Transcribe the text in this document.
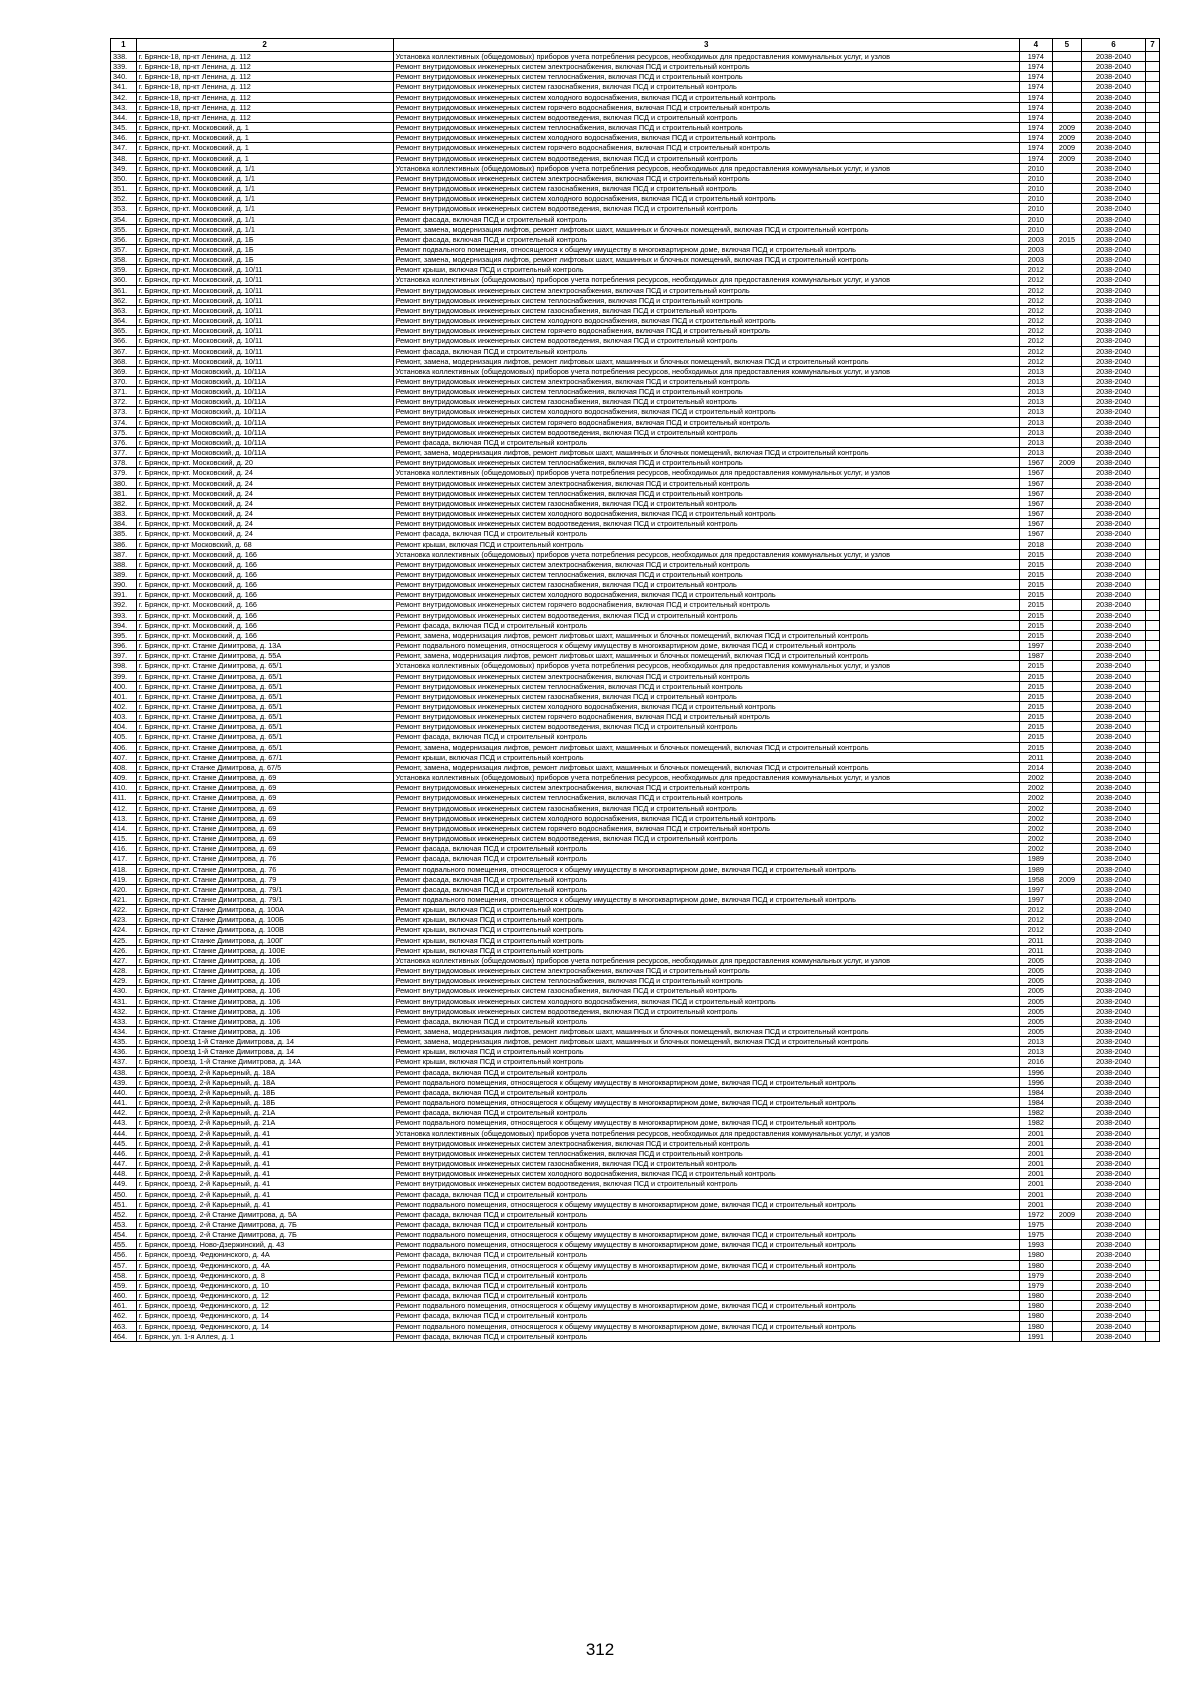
1	2	3	4	5	6	7
338.	г. Брянск-18, пр-кт Ленина, д. 112	Установка коллективных (общедомовых) приборов учета потребления ресурсов, необходимых для предоставления коммунальных услуг, и узлов	1974		2038-2040	
339.	г. Брянск-18, пр-кт Ленина, д. 112	Ремонт внутридомовых инженерных систем электроснабжения, включая ПСД и строительный контроль	1974		2038-2040	
340.	г. Брянск-18, пр-кт Ленина, д. 112	Ремонт внутридомовых инженерных систем теплоснабжения, включая ПСД и строительный контроль	1974		2038-2040	
341.	г. Брянск-18, пр-кт Ленина, д. 112	Ремонт внутридомовых инженерных систем газоснабжения, включая ПСД и строительный контроль	1974		2038-2040	
342.	г. Брянск-18, пр-кт Ленина, д. 112	Ремонт внутридомовых инженерных систем холодного водоснабжения, включая ПСД и строительный контроль	1974		2038-2040	
343.	г. Брянск-18, пр-кт Ленина, д. 112	Ремонт внутридомовых инженерных систем горячего водоснабжения, включая ПСД и строительный контроль	1974		2038-2040	
344.	г. Брянск-18, пр-кт Ленина, д. 112	Ремонт внутридомовых инженерных систем водоотведения, включая ПСД и строительный контроль	1974		2038-2040	
345.	г. Брянск, пр-кт. Московский, д. 1	Ремонт внутридомовых инженерных систем теплоснабжения, включая ПСД и строительный контроль	1974	2009	2038-2040	
346.	г. Брянск, пр-кт. Московский, д. 1	Ремонт внутридомовых инженерных систем холодного водоснабжения, включая ПСД и строительный контроль	1974	2009	2038-2040	
347.	г. Брянск, пр-кт. Московский, д. 1	Ремонт внутридомовых инженерных систем горячего водоснабжения, включая ПСД и строительный контроль	1974	2009	2038-2040	
348.	г. Брянск, пр-кт. Московский, д. 1	Ремонт внутридомовых инженерных систем водоотведения, включая ПСД и строительный контроль	1974	2009	2038-2040	
349.	г. Брянск, пр-кт. Московский, д. 1/1	Установка коллективных (общедомовых) приборов учета потребления ресурсов, необходимых для предоставления коммунальных услуг, и узлов	2010		2038-2040	
350.	г. Брянск, пр-кт. Московский, д. 1/1	Ремонт внутридомовых инженерных систем электроснабжения, включая ПСД и строительный контроль	2010		2038-2040	
351.	г. Брянск, пр-кт. Московский, д. 1/1	Ремонт внутридомовых инженерных систем газоснабжения, включая ПСД и строительный контроль	2010		2038-2040	
352.	г. Брянск, пр-кт. Московский, д. 1/1	Ремонт внутридомовых инженерных систем холодного водоснабжения, включая ПСД и строительный контроль	2010		2038-2040	
353.	г. Брянск, пр-кт. Московский, д. 1/1	Ремонт внутридомовых инженерных систем водоотведения, включая ПСД и строительный контроль	2010		2038-2040	
354.	г. Брянск, пр-кт. Московский, д. 1/1	Ремонт фасада, включая ПСД и строительный контроль	2010		2038-2040	
355.	г. Брянск, пр-кт. Московский, д. 1/1	Ремонт, замена, модернизация лифтов, ремонт лифтовых шахт, машинных и блочных помещений, включая ПСД и строительный контроль	2010		2038-2040	
356.	г. Брянск, пр-кт. Московский, д. 1Б	Ремонт фасада, включая ПСД и строительный контроль	2003	2015	2038-2040	
357.	г. Брянск, пр-кт. Московский, д. 1Б	Ремонт подвального помещения, относящегося к общему имуществу в многоквартирном доме, включая ПСД и строительный контроль	2003		2038-2040	
358.	г. Брянск, пр-кт. Московский, д. 1Б	Ремонт, замена, модернизация лифтов, ремонт лифтовых шахт, машинных и блочных помещений, включая ПСД и строительный контроль	2003		2038-2040	
359.	г. Брянск, пр-кт. Московский, д. 10/11	Ремонт крыши, включая ПСД и строительный контроль	2012		2038-2040	
360.	г. Брянск, пр-кт. Московский, д. 10/11	Установка коллективных (общедомовых) приборов учета потребления ресурсов, необходимых для предоставления коммунальных услуг, и узлов	2012		2038-2040	
361.	г. Брянск, пр-кт. Московский, д. 10/11	Ремонт внутридомовых инженерных систем электроснабжения, включая ПСД и строительный контроль	2012		2038-2040	
362.	г. Брянск, пр-кт. Московский, д. 10/11	Ремонт внутридомовых инженерных систем теплоснабжения, включая ПСД и строительный контроль	2012		2038-2040	
363.	г. Брянск, пр-кт. Московский, д. 10/11	Ремонт внутридомовых инженерных систем газоснабжения, включая ПСД и строительный контроль	2012		2038-2040	
364.	г. Брянск, пр-кт. Московский, д. 10/11	Ремонт внутридомовых инженерных систем холодного водоснабжения, включая ПСД и строительный контроль	2012		2038-2040	
365.	г. Брянск, пр-кт. Московский, д. 10/11	Ремонт внутридомовых инженерных систем горячего водоснабжения, включая ПСД и строительный контроль	2012		2038-2040	
366.	г. Брянск, пр-кт. Московский, д. 10/11	Ремонт внутридомовых инженерных систем водоотведения, включая ПСД и строительный контроль	2012		2038-2040	
367.	г. Брянск, пр-кт. Московский, д. 10/11	Ремонт фасада, включая ПСД и строительный контроль	2012		2038-2040	
368.	г. Брянск, пр-кт. Московский, д. 10/11	Ремонт, замена, модернизация лифтов, ремонт лифтовых шахт, машинных и блочных помещений, включая ПСД и строительный контроль	2012		2038-2040	
369.	г. Брянск, пр-кт Московский, д. 10/11А	Установка коллективных (общедомовых) приборов учета потребления ресурсов, необходимых для предоставления коммунальных услуг, и узлов	2013		2038-2040	
370.	г. Брянск, пр-кт Московский, д. 10/11А	Ремонт внутридомовых инженерных систем электроснабжения, включая ПСД и строительный контроль	2013		2038-2040	
371.	г. Брянск, пр-кт Московский, д. 10/11А	Ремонт внутридомовых инженерных систем теплоснабжения, включая ПСД и строительный контроль	2013		2038-2040	
372.	г. Брянск, пр-кт Московский, д. 10/11А	Ремонт внутридомовых инженерных систем газоснабжения, включая ПСД и строительный контроль	2013		2038-2040	
373.	г. Брянск, пр-кт Московский, д. 10/11А	Ремонт внутридомовых инженерных систем холодного водоснабжения, включая ПСД и строительный контроль	2013		2038-2040	
374.	г. Брянск, пр-кт Московский, д. 10/11А	Ремонт внутридомовых инженерных систем горячего водоснабжения, включая ПСД и строительный контроль	2013		2038-2040	
375.	г. Брянск, пр-кт Московский, д. 10/11А	Ремонт внутридомовых инженерных систем водоотведения, включая ПСД и строительный контроль	2013		2038-2040	
376.	г. Брянск, пр-кт Московский, д. 10/11А	Ремонт фасада, включая ПСД и строительный контроль	2013		2038-2040	
377.	г. Брянск, пр-кт Московский, д. 10/11А	Ремонт, замена, модернизация лифтов, ремонт лифтовых шахт, машинных и блочных помещений, включая ПСД и строительный контроль	2013		2038-2040	
378.	г. Брянск, пр-кт. Московский, д. 20	Ремонт внутридомовых инженерных систем теплоснабжения, включая ПСД и строительный контроль	1967	2009	2038-2040	
379.	г. Брянск, пр-кт. Московский, д. 24	Установка коллективных (общедомовых) приборов учета потребления ресурсов, необходимых для предоставления коммунальных услуг, и узлов	1967		2038-2040	
380.	г. Брянск, пр-кт. Московский, д. 24	Ремонт внутридомовых инженерных систем электроснабжения, включая ПСД и строительный контроль	1967		2038-2040	
381.	г. Брянск, пр-кт. Московский, д. 24	Ремонт внутридомовых инженерных систем теплоснабжения, включая ПСД и строительный контроль	1967		2038-2040	
382.	г. Брянск, пр-кт. Московский, д. 24	Ремонт внутридомовых инженерных систем газоснабжения, включая ПСД и строительный контроль	1967		2038-2040	
383.	г. Брянск, пр-кт. Московский, д. 24	Ремонт внутридомовых инженерных систем холодного водоснабжения, включая ПСД и строительный контроль	1967		2038-2040	
384.	г. Брянск, пр-кт. Московский, д. 24	Ремонт внутридомовых инженерных систем водоотведения, включая ПСД и строительный контроль	1967		2038-2040	
385.	г. Брянск, пр-кт. Московский, д. 24	Ремонт фасада, включая ПСД и строительный контроль	1967		2038-2040	
386.	г. Брянск, пр-кт Московский, д. 68	Ремонт крыши, включая ПСД и строительный контроль	2018		2038-2040	
387.	г. Брянск, пр-кт. Московский, д. 166	Установка коллективных (общедомовых) приборов учета потребления ресурсов, необходимых для предоставления коммунальных услуг, и узлов	2015		2038-2040	
388.	г. Брянск, пр-кт. Московский, д. 166	Ремонт внутридомовых инженерных систем электроснабжения, включая ПСД и строительный контроль	2015		2038-2040	
389.	г. Брянск, пр-кт. Московский, д. 166	Ремонт внутридомовых инженерных систем теплоснабжения, включая ПСД и строительный контроль	2015		2038-2040	
390.	г. Брянск, пр-кт. Московский, д. 166	Ремонт внутридомовых инженерных систем газоснабжения, включая ПСД и строительный контроль	2015		2038-2040	
391.	г. Брянск, пр-кт. Московский, д. 166	Ремонт внутридомовых инженерных систем холодного водоснабжения, включая ПСД и строительный контроль	2015		2038-2040	
392.	г. Брянск, пр-кт. Московский, д. 166	Ремонт внутридомовых инженерных систем горячего водоснабжения, включая ПСД и строительный контроль	2015		2038-2040	
393.	г. Брянск, пр-кт. Московский, д. 166	Ремонт внутридомовых инженерных систем водоотведения, включая ПСД и строительный контроль	2015		2038-2040	
394.	г. Брянск, пр-кт. Московский, д. 166	Ремонт фасада, включая ПСД и строительный контроль	2015		2038-2040	
395.	г. Брянск, пр-кт. Московский, д. 166	Ремонт, замена, модернизация лифтов, ремонт лифтовых шахт, машинных и блочных помещений, включая ПСД и строительный контроль	2015		2038-2040	
396.	г. Брянск, пр-кт. Станке Димитрова, д. 13А	Ремонт подвального помещения, относящегося к общему имуществу в многоквартирном доме, включая ПСД и строительный контроль	1997		2038-2040	
397.	г. Брянск, пр-кт. Станке Димитрова, д. 55А	Ремонт, замена, модернизация лифтов, ремонт лифтовых шахт, машинных и блочных помещений, включая ПСД и строительный контроль	1987		2038-2040	
398.	г. Брянск, пр-кт. Станке Димитрова, д. 65/1	Установка коллективных (общедомовых) приборов учета потребления ресурсов, необходимых для предоставления коммунальных услуг, и узлов	2015		2038-2040	
399.	г. Брянск, пр-кт. Станке Димитрова, д. 65/1	Ремонт внутридомовых инженерных систем электроснабжения, включая ПСД и строительный контроль	2015		2038-2040	
400.	г. Брянск, пр-кт. Станке Димитрова, д. 65/1	Ремонт внутридомовых инженерных систем теплоснабжения, включая ПСД и строительный контроль	2015		2038-2040	
401.	г. Брянск, пр-кт. Станке Димитрова, д. 65/1	Ремонт внутридомовых инженерных систем газоснабжения, включая ПСД и строительный контроль	2015		2038-2040	
402.	г. Брянск, пр-кт. Станке Димитрова, д. 65/1	Ремонт внутридомовых инженерных систем холодного водоснабжения, включая ПСД и строительный контроль	2015		2038-2040	
403.	г. Брянск, пр-кт. Станке Димитрова, д. 65/1	Ремонт внутридомовых инженерных систем горячего водоснабжения, включая ПСД и строительный контроль	2015		2038-2040	
404.	г. Брянск, пр-кт. Станке Димитрова, д. 65/1	Ремонт внутридомовых инженерных систем водоотведения, включая ПСД и строительный контроль	2015		2038-2040	
405.	г. Брянск, пр-кт. Станке Димитрова, д. 65/1	Ремонт фасада, включая ПСД и строительный контроль	2015		2038-2040	
406.	г. Брянск, пр-кт. Станке Димитрова, д. 65/1	Ремонт, замена, модернизация лифтов, ремонт лифтовых шахт, машинных и блочных помещений, включая ПСД и строительный контроль	2015		2038-2040	
407.	г. Брянск, пр-кт. Станке Димитрова, д. 67/1	Ремонт крыши, включая ПСД и строительный контроль	2011		2038-2040	
408.	г. Брянск, пр-кт Станке Димитрова, д. 67/5	Ремонт, замена, модернизация лифтов, ремонт лифтовых шахт, машинных и блочных помещений, включая ПСД и строительный контроль	2014		2038-2040	
409.	г. Брянск, пр-кт. Станке Димитрова, д. 69	Установка коллективных (общедомовых) приборов учета потребления ресурсов, необходимых для предоставления коммунальных услуг, и узлов	2002		2038-2040	
410.	г. Брянск, пр-кт. Станке Димитрова, д. 69	Ремонт внутридомовых инженерных систем электроснабжения, включая ПСД и строительный контроль	2002		2038-2040	
411.	г. Брянск, пр-кт. Станке Димитрова, д. 69	Ремонт внутридомовых инженерных систем теплоснабжения, включая ПСД и строительный контроль	2002		2038-2040	
412.	г. Брянск, пр-кт. Станке Димитрова, д. 69	Ремонт внутридомовых инженерных систем газоснабжения, включая ПСД и строительный контроль	2002		2038-2040	
413.	г. Брянск, пр-кт. Станке Димитрова, д. 69	Ремонт внутридомовых инженерных систем холодного водоснабжения, включая ПСД и строительный контроль	2002		2038-2040	
414.	г. Брянск, пр-кт. Станке Димитрова, д. 69	Ремонт внутридомовых инженерных систем горячего водоснабжения, включая ПСД и строительный контроль	2002		2038-2040	
415.	г. Брянск, пр-кт. Станке Димитрова, д. 69	Ремонт внутридомовых инженерных систем водоотведения, включая ПСД и строительный контроль	2002		2038-2040	
416.	г. Брянск, пр-кт. Станке Димитрова, д. 69	Ремонт фасада, включая ПСД и строительный контроль	2002		2038-2040	
417.	г. Брянск, пр-кт. Станке Димитрова, д. 76	Ремонт фасада, включая ПСД и строительный контроль	1989		2038-2040	
418.	г. Брянск, пр-кт. Станке Димитрова, д. 76	Ремонт подвального помещения, относящегося к общему имуществу в многоквартирном доме, включая ПСД и строительный контроль	1989		2038-2040	
419.	г. Брянск, пр-кт. Станке Димитрова, д. 79	Ремонт фасада, включая ПСД и строительный контроль	1958	2009	2038-2040	
420.	г. Брянск, пр-кт. Станке Димитрова, д. 79/1	Ремонт фасада, включая ПСД и строительный контроль	1997		2038-2040	
421.	г. Брянск, пр-кт. Станке Димитрова, д. 79/1	Ремонт подвального помещения, относящегося к общему имуществу в многоквартирном доме, включая ПСД и строительный контроль	1997		2038-2040	
422.	г. Брянск, пр-кт Станке Димитрова, д. 100А	Ремонт крыши, включая ПСД и строительный контроль	2012		2038-2040	
423.	г. Брянск, пр-кт Станке Димитрова, д. 100Б	Ремонт крыши, включая ПСД и строительный контроль	2012		2038-2040	
424.	г. Брянск, пр-кт Станке Димитрова, д. 100В	Ремонт крыши, включая ПСД и строительный контроль	2012		2038-2040	
425.	г. Брянск, пр-кт Станке Димитрова, д. 100Г	Ремонт крыши, включая ПСД и строительный контроль	2011		2038-2040	
426.	г. Брянск, пр-кт. Станке Димитрова, д. 100Е	Ремонт крыши, включая ПСД и строительный контроль	2011		2038-2040	
427.	г. Брянск, пр-кт. Станке Димитрова, д. 106	Установка коллективных (общедомовых) приборов учета потребления ресурсов, необходимых для предоставления коммунальных услуг, и узлов	2005		2038-2040	
428.	г. Брянск, пр-кт. Станке Димитрова, д. 106	Ремонт внутридомовых инженерных систем электроснабжения, включая ПСД и строительный контроль	2005		2038-2040	
429.	г. Брянск, пр-кт. Станке Димитрова, д. 106	Ремонт внутридомовых инженерных систем теплоснабжения, включая ПСД и строительный контроль	2005		2038-2040	
430.	г. Брянск, пр-кт. Станке Димитрова, д. 106	Ремонт внутридомовых инженерных систем газоснабжения, включая ПСД и строительный контроль	2005		2038-2040	
431.	г. Брянск, пр-кт. Станке Димитрова, д. 106	Ремонт внутридомовых инженерных систем холодного водоснабжения, включая ПСД и строительный контроль	2005		2038-2040	
432.	г. Брянск, пр-кт. Станке Димитрова, д. 106	Ремонт внутридомовых инженерных систем водоотведения, включая ПСД и строительный контроль	2005		2038-2040	
433.	г. Брянск, пр-кт. Станке Димитрова, д. 106	Ремонт фасада, включая ПСД и строительный контроль	2005		2038-2040	
434.	г. Брянск, пр-кт. Станке Димитрова, д. 106	Ремонт, замена, модернизация лифтов, ремонт лифтовых шахт, машинных и блочных помещений, включая ПСД и строительный контроль	2005		2038-2040	
435.	г. Брянск, проезд 1-й Станке Димитрова, д. 14	Ремонт, замена, модернизация лифтов, ремонт лифтовых шахт, машинных и блочных помещений, включая ПСД и строительный контроль	2013		2038-2040	
436.	г. Брянск, проезд 1-й Станке Димитрова, д. 14	Ремонт крыши, включая ПСД и строительный контроль	2013		2038-2040	
437.	г. Брянск, проезд. 1-й Станке Димитрова, д. 14А	Ремонт крыши, включая ПСД и строительный контроль	2016		2038-2040	
438.	г. Брянск, проезд. 2-й Карьерный, д. 18А	Ремонт фасада, включая ПСД и строительный контроль	1996		2038-2040	
439.	г. Брянск, проезд. 2-й Карьерный, д. 18А	Ремонт подвального помещения, относящегося к общему имуществу в многоквартирном доме, включая ПСД и строительный контроль	1996		2038-2040	
440.	г. Брянск, проезд. 2-й Карьерный, д. 18Б	Ремонт фасада, включая ПСД и строительный контроль	1984		2038-2040	
441.	г. Брянск, проезд. 2-й Карьерный, д. 18Б	Ремонт подвального помещения, относящегося к общему имуществу в многоквартирном доме, включая ПСД и строительный контроль	1984		2038-2040	
442.	г. Брянск, проезд. 2-й Карьерный, д. 21А	Ремонт фасада, включая ПСД и строительный контроль	1982		2038-2040	
443.	г. Брянск, проезд. 2-й Карьерный, д. 21А	Ремонт подвального помещения, относящегося к общему имуществу в многоквартирном доме, включая ПСД и строительный контроль	1982		2038-2040	
444.	г. Брянск, проезд. 2-й Карьерный, д. 41	Установка коллективных (общедомовых) приборов учета потребления ресурсов, необходимых для предоставления коммунальных услуг, и узлов	2001		2038-2040	
445.	г. Брянск, проезд. 2-й Карьерный, д. 41	Ремонт внутридомовых инженерных систем электроснабжения, включая ПСД и строительный контроль	2001		2038-2040	
446.	г. Брянск, проезд. 2-й Карьерный, д. 41	Ремонт внутридомовых инженерных систем теплоснабжения, включая ПСД и строительный контроль	2001		2038-2040	
447.	г. Брянск, проезд. 2-й Карьерный, д. 41	Ремонт внутридомовых инженерных систем газоснабжения, включая ПСД и строительный контроль	2001		2038-2040	
448.	г. Брянск, проезд. 2-й Карьерный, д. 41	Ремонт внутридомовых инженерных систем холодного водоснабжения, включая ПСД и строительный контроль	2001		2038-2040	
449.	г. Брянск, проезд. 2-й Карьерный, д. 41	Ремонт внутридомовых инженерных систем водоотведения, включая ПСД и строительный контроль	2001		2038-2040	
450.	г. Брянск, проезд. 2-й Карьерный, д. 41	Ремонт фасада, включая ПСД и строительный контроль	2001		2038-2040	
451.	г. Брянск, проезд. 2-й Карьерный, д. 41	Ремонт подвального помещения, относящегося к общему имуществу в многоквартирном доме, включая ПСД и строительный контроль	2001		2038-2040	
452.	г. Брянск, проезд. 2-й Станке Димитрова, д. 5А	Ремонт фасада, включая ПСД и строительный контроль	1972	2009	2038-2040	
453.	г. Брянск, проезд. 2-й Станке Димитрова, д. 7Б	Ремонт фасада, включая ПСД и строительный контроль	1975		2038-2040	
454.	г. Брянск, проезд. 2-й Станке Димитрова, д. 7Б	Ремонт подвального помещения, относящегося к общему имуществу в многоквартирном доме, включая ПСД и строительный контроль	1975		2038-2040	
455.	г. Брянск, проезд. Ново-Дзержинский, д. 43	Ремонт подвального помещения, относящегося к общему имуществу в многоквартирном доме, включая ПСД и строительный контроль	1993		2038-2040	
456.	г. Брянск, проезд. Федюнинского, д. 4А	Ремонт фасада, включая ПСД и строительный контроль	1980		2038-2040	
457.	г. Брянск, проезд. Федюнинского, д. 4А	Ремонт подвального помещения, относящегося к общему имуществу в многоквартирном доме, включая ПСД и строительный контроль	1980		2038-2040	
458.	г. Брянск, проезд. Федюнинского, д. 8	Ремонт фасада, включая ПСД и строительный контроль	1979		2038-2040	
459.	г. Брянск, проезд. Федюнинского, д. 10	Ремонт фасада, включая ПСД и строительный контроль	1979		2038-2040	
460.	г. Брянск, проезд. Федюнинского, д. 12	Ремонт фасада, включая ПСД и строительный контроль	1980		2038-2040	
461.	г. Брянск, проезд. Федюнинского, д. 12	Ремонт подвального помещения, относящегося к общему имуществу в многоквартирном доме, включая ПСД и строительный контроль	1980		2038-2040	
462.	г. Брянск, проезд. Федюнинского, д. 14	Ремонт фасада, включая ПСД и строительный контроль	1980		2038-2040	
463.	г. Брянск, проезд. Федюнинского, д. 14	Ремонт подвального помещения, относящегося к общему имуществу в многоквартирном доме, включая ПСД и строительный контроль	1980		2038-2040	
464.	г. Брянск, ул. 1-я Аллея, д. 1	Ремонт фасада, включая ПСД и строительный контроль	1991		2038-2040	
312
